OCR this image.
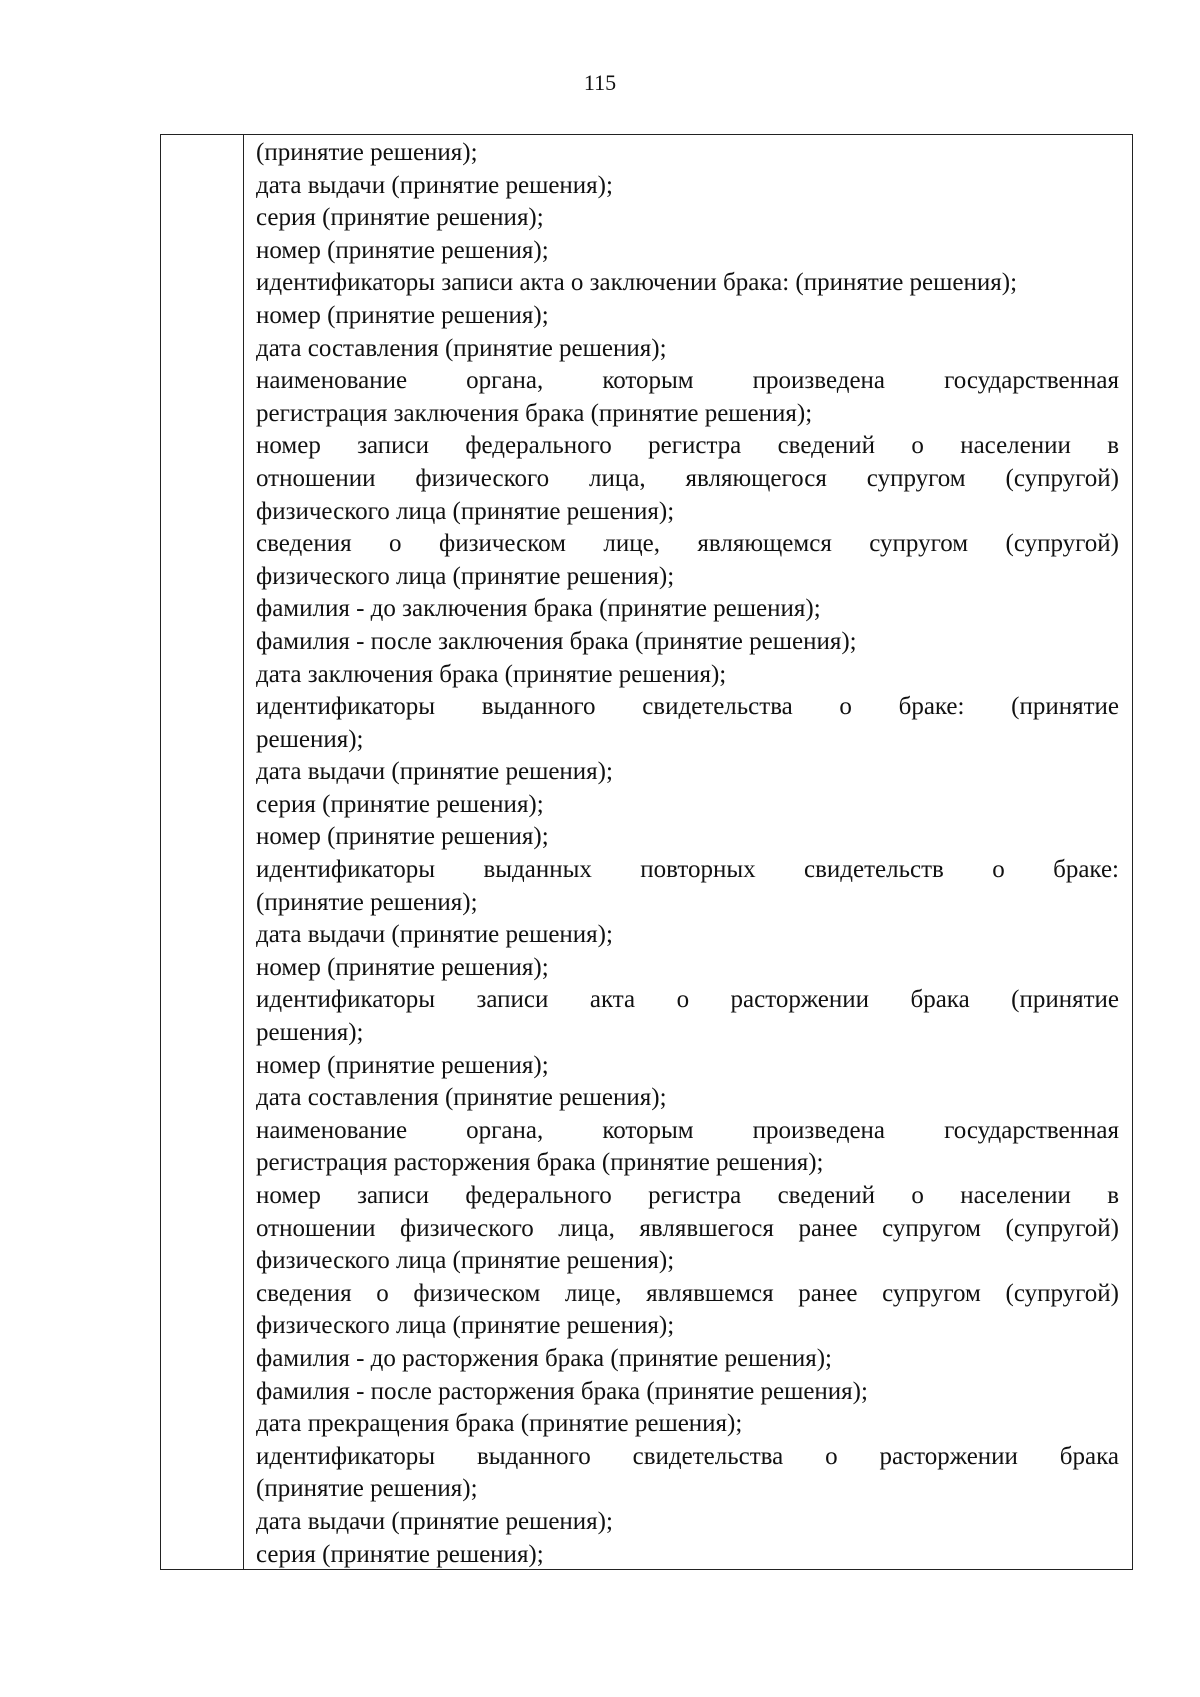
115
(принятие решения);
дата выдачи (принятие решения);
серия (принятие решения);
номер (принятие решения);
идентификаторы записи акта о заключении брака: (принятие решения);
номер (принятие решения);
дата составления (принятие решения);
наименование органа, которым произведена государственная
регистрация заключения брака (принятие решения);
номер записи федерального регистра сведений о населении в
отношении физического лица, являющегося супругом (супругой)
физического лица (принятие решения);
сведения о физическом лице, являющемся супругом (супругой)
физического лица (принятие решения);
фамилия - до заключения брака (принятие решения);
фамилия - после заключения брака (принятие решения);
дата заключения брака (принятие решения);
идентификаторы выданного свидетельства о браке: (принятие
решения);
дата выдачи (принятие решения);
серия (принятие решения);
номер (принятие решения);
идентификаторы выданных повторных свидетельств о браке:
(принятие решения);
дата выдачи (принятие решения);
номер (принятие решения);
идентификаторы записи акта о расторжении брака (принятие
решения);
номер (принятие решения);
дата составления (принятие решения);
наименование органа, которым произведена государственная
регистрация расторжения брака (принятие решения);
номер записи федерального регистра сведений о населении в
отношении физического лица, являвшегося ранее супругом (супругой)
физического лица (принятие решения);
сведения о физическом лице, являвшемся ранее супругом (супругой)
физического лица (принятие решения);
фамилия - до расторжения брака (принятие решения);
фамилия - после расторжения брака (принятие решения);
дата прекращения брака (принятие решения);
идентификаторы выданного свидетельства о расторжении брака
(принятие решения);
дата выдачи (принятие решения);
серия (принятие решения);
